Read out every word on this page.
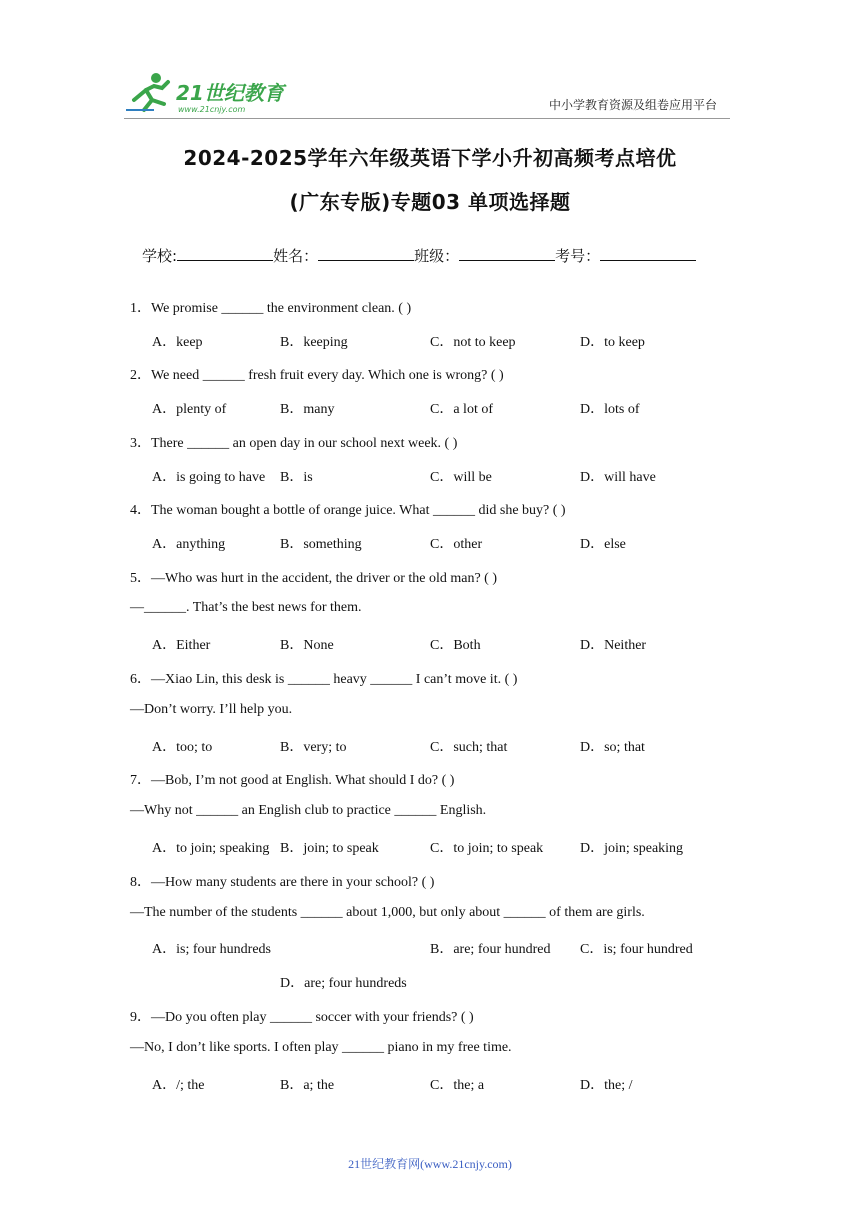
21世纪教育
www.21cnjy.com	中小学教育资源及组卷应用平台
2024-2025学年六年级英语下学小升初高频考点培优
(广东专版)专题03 单项选择题
学校:	姓名：	班级：	考号：
1．We promise ______ the environment clean. ( )
A．keep	B．keeping	C．not to keep	D．to keep
2．We need ______ fresh fruit every day. Which one is wrong? ( )
A．plenty of	B．many	C．a lot of	D．lots of
3．There ______ an open day in our school next week. ( )
A．is going to have B．is	C．will be	D．will have
4．The woman bought a bottle of orange juice. What ______ did she buy? ( )
A．anything	B．something	C．other	D．else
5．—Who was hurt in the accident, the driver or the old man? ( )
—______. That’s the best news for them.
A．Either	B．None	C．Both	D．Neither
6．—Xiao Lin, this desk is ______ heavy ______ I can’t move it. ( )
—Don’t worry. I’ll help you.
A．too; to	B．very; to	C．such; that	D．so; that
7．—Bob, I’m not good at English. What should I do? ( )
—Why not ______ an English club to practice ______ English.
A．to join; speaking B．join; to speak	C．to join; to speak	D．join; speaking
8．—How many students are there in your school? ( )
—The number of the students ______ about 1,000, but only about ______ of them are girls.
A．is; four hundreds	B．are; four hundred C．is; four hundred
D．are; four hundreds
9．—Do you often play ______ soccer with your friends? ( )
—No, I don’t like sports. I often play ______ piano in my free time.
A．/; the	B．a; the	C．the; a	D．the; /
21世纪教育网(www.21cnjy.com)
